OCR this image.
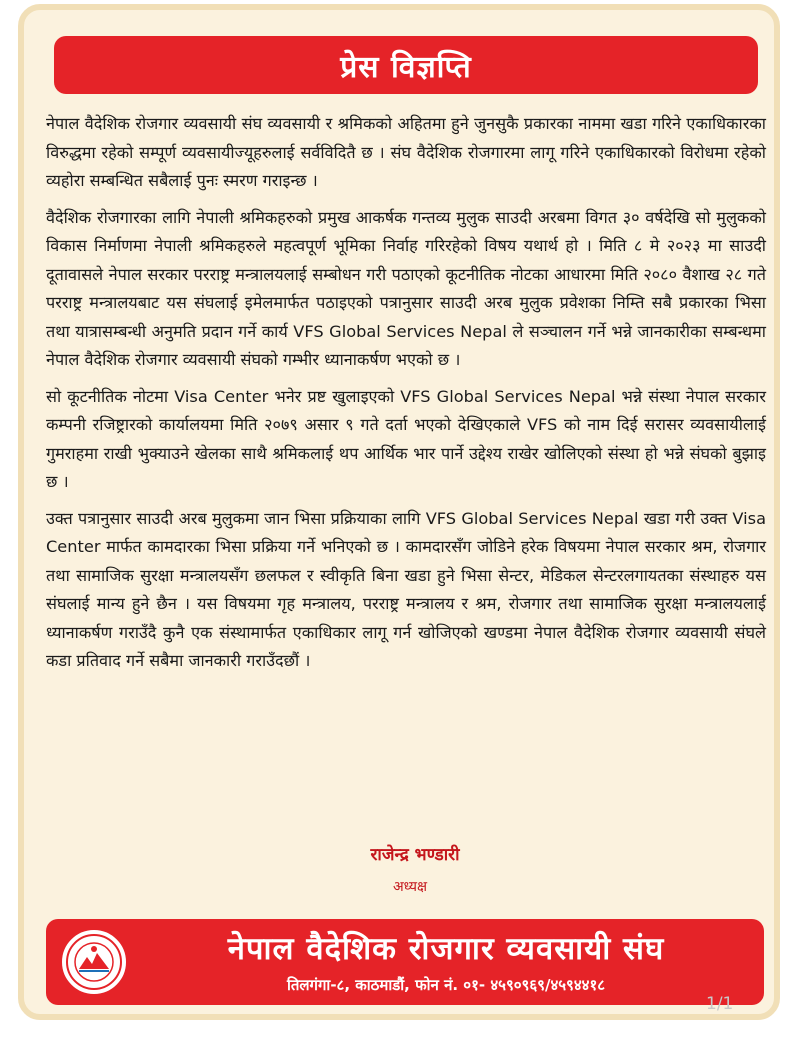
प्रेस विज्ञप्ति

नेपाल वैदेशिक रोजगार व्यवसायी संघ व्यवसायी र श्रमिकको अहितमा हुने जुनसुकै प्रकारका नाममा खडा गरिने एकाधिकारका विरुद्धमा रहेको सम्पूर्ण व्यवसायीज्यूहरुलाई सर्वविदितै छ । संघ वैदेशिक रोजगारमा लागू गरिने एकाधिकारको विरोधमा रहेको व्यहोरा सम्बन्धित सबैलाई पुनः स्मरण गराइन्छ ।

वैदेशिक रोजगारका लागि नेपाली श्रमिकहरुको प्रमुख आकर्षक गन्तव्य मुलुक साउदी अरबमा विगत ३० वर्षदेखि सो मुलुकको विकास निर्माणमा नेपाली श्रमिकहरुले महत्वपूर्ण भूमिका निर्वाह गरिरहेको विषय यथार्थ हो । मिति ८ मे २०२३ मा साउदी दूतावासले नेपाल सरकार परराष्ट्र मन्त्रालयलाई सम्बोधन गरी पठाएको कूटनीतिक नोटका आधारमा मिति २०८० वैशाख २८ गते परराष्ट्र मन्त्रालयबाट यस संघलाई इमेलमार्फत पठाइएको पत्रानुसार साउदी अरब मुलुक प्रवेशका निम्ति सबै प्रकारका भिसा तथा यात्रासम्बन्धी अनुमति प्रदान गर्ने कार्य VFS Global Services Nepal ले सञ्चालन गर्ने भन्ने जानकारीका सम्बन्धमा नेपाल वैदेशिक रोजगार व्यवसायी संघको गम्भीर ध्यानाकर्षण भएको छ ।

सो कूटनीतिक नोटमा Visa Center भनेर प्रष्ट खुलाइएको VFS Global Services Nepal भन्ने संस्था नेपाल सरकार कम्पनी रजिष्ट्रारको कार्यालयमा मिति २०७९ असार ९ गते दर्ता भएको देखिएकाले VFS को नाम दिई सरासर व्यवसायीलाई गुमराहमा राखी भुक्याउने खेलका साथै श्रमिकलाई थप आर्थिक भार पार्ने उद्देश्य राखेर खोलिएको संस्था हो भन्ने संघको बुझाइ छ ।

उक्त पत्रानुसार साउदी अरब मुलुकमा जान भिसा प्रक्रियाका लागि VFS Global Services Nepal खडा गरी उक्त Visa Center मार्फत कामदारका भिसा प्रक्रिया गर्ने भनिएको छ । कामदारसँग जोडिने हरेक विषयमा नेपाल सरकार श्रम, रोजगार तथा सामाजिक सुरक्षा मन्त्रालयसँग छलफल र स्वीकृति बिना खडा हुने भिसा सेन्टर, मेडिकल सेन्टरलगायतका संस्थाहरु यस संघलाई मान्य हुने छैन । यस विषयमा गृह मन्त्रालय, परराष्ट्र मन्त्रालय र श्रम, रोजगार तथा सामाजिक सुरक्षा मन्त्रालयलाई ध्यानाकर्षण गराउँदै कुनै एक संस्थामार्फत एकाधिकार लागू गर्न खोजिएको खण्डमा नेपाल वैदेशिक रोजगार व्यवसायी संघले कडा प्रतिवाद गर्ने सबैमा जानकारी गराउँदछौं ।

राजेन्द्र भण्डारी
अध्यक्ष
नेपाल वैदेशिक रोजगार व्यवसायी संघ
तिलगंगा-८, काठमाडौं, फोन नं. ०१- ४५९०९६९/४५९४४१८
1/1
